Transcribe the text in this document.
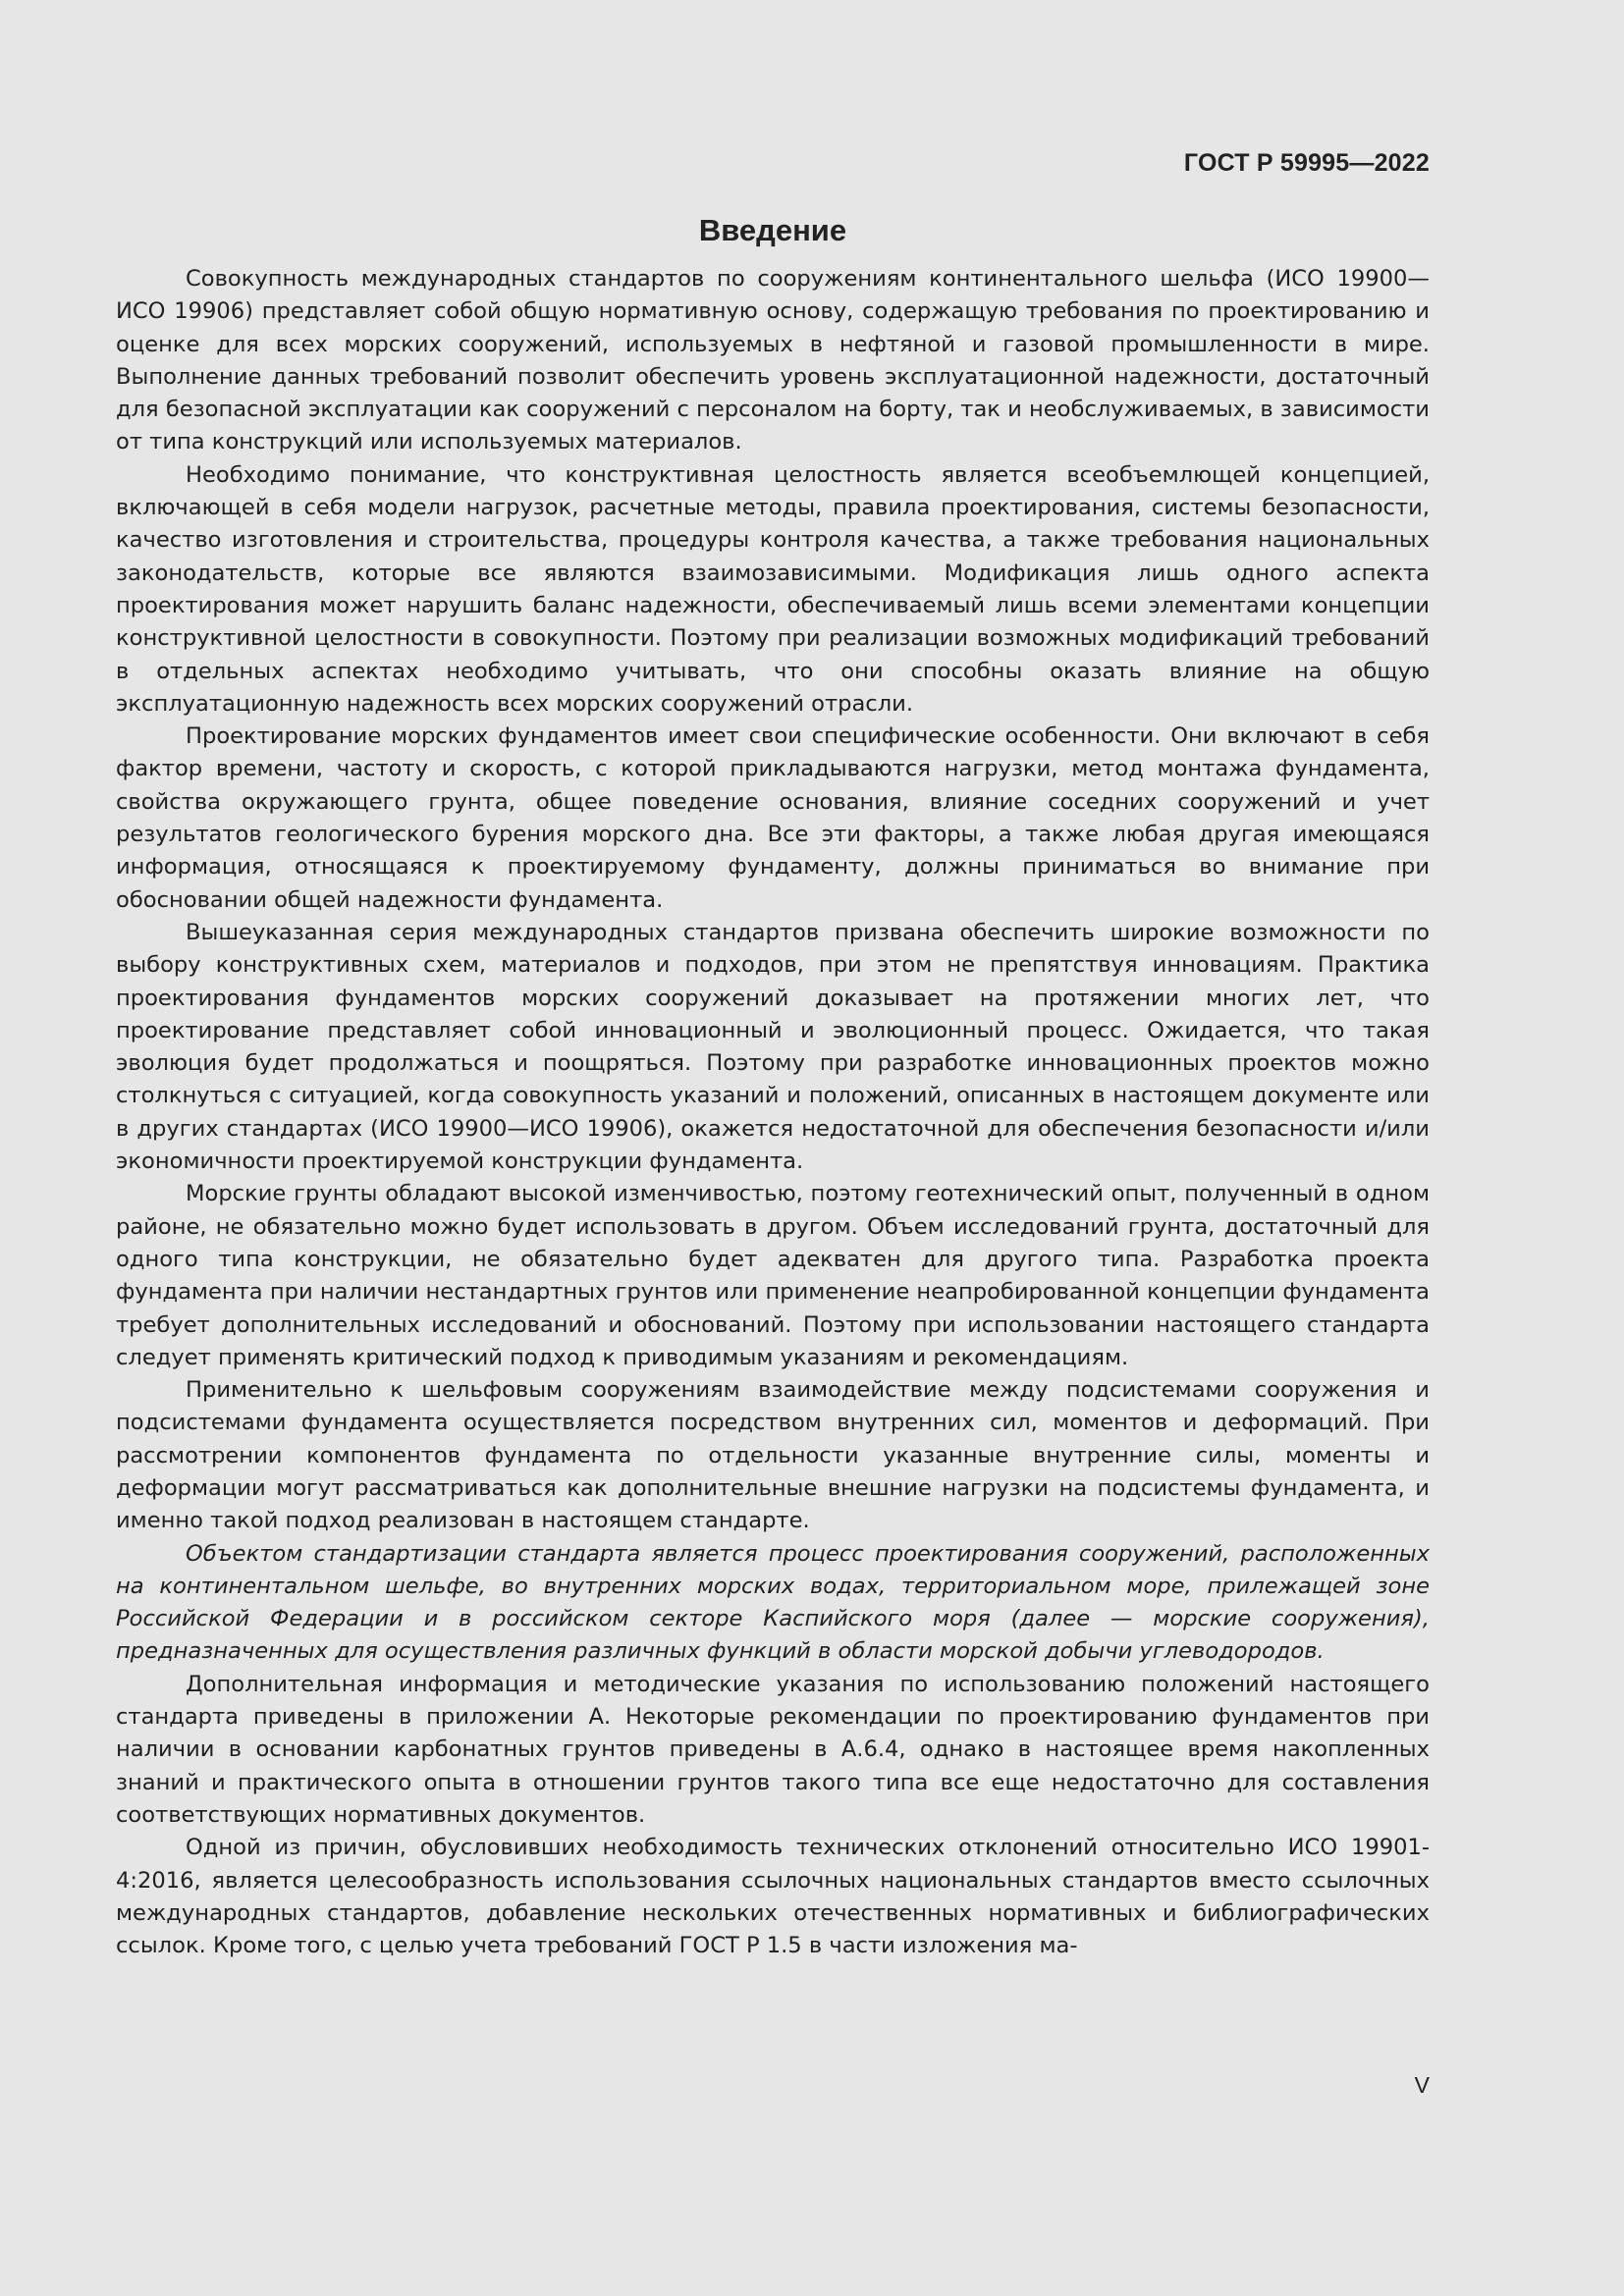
ГОСТ Р 59995—2022

Введение

Совокупность международных стандартов по сооружениям континентального шельфа (ИСО 19900—ИСО 19906) представляет собой общую нормативную основу, содержащую требования по проектированию и оценке для всех морских сооружений, используемых в нефтяной и газовой промышленности в мире. Выполнение данных требований позволит обеспечить уровень эксплуатационной надежности, достаточный для безопасной эксплуатации как сооружений с персоналом на борту, так и необслуживаемых, в зависимости от типа конструкций или используемых материалов.

Необходимо понимание, что конструктивная целостность является всеобъемлющей концепцией, включающей в себя модели нагрузок, расчетные методы, правила проектирования, системы безопасности, качество изготовления и строительства, процедуры контроля качества, а также требования национальных законодательств, которые все являются взаимозависимыми. Модификация лишь одного аспекта проектирования может нарушить баланс надежности, обеспечиваемый лишь всеми элементами концепции конструктивной целостности в совокупности. Поэтому при реализации возможных модификаций требований в отдельных аспектах необходимо учитывать, что они способны оказать влияние на общую эксплуатационную надежность всех морских сооружений отрасли.

Проектирование морских фундаментов имеет свои специфические особенности. Они включают в себя фактор времени, частоту и скорость, с которой прикладываются нагрузки, метод монтажа фундамента, свойства окружающего грунта, общее поведение основания, влияние соседних сооружений и учет результатов геологического бурения морского дна. Все эти факторы, а также любая другая имеющаяся информация, относящаяся к проектируемому фундаменту, должны приниматься во внимание при обосновании общей надежности фундамента.

Вышеуказанная серия международных стандартов призвана обеспечить широкие возможности по выбору конструктивных схем, материалов и подходов, при этом не препятствуя инновациям. Практика проектирования фундаментов морских сооружений доказывает на протяжении многих лет, что проектирование представляет собой инновационный и эволюционный процесс. Ожидается, что такая эволюция будет продолжаться и поощряться. Поэтому при разработке инновационных проектов можно столкнуться с ситуацией, когда совокупность указаний и положений, описанных в настоящем документе или в других стандартах (ИСО 19900—ИСО 19906), окажется недостаточной для обеспечения безопасности и/или экономичности проектируемой конструкции фундамента.

Морские грунты обладают высокой изменчивостью, поэтому геотехнический опыт, полученный в одном районе, не обязательно можно будет использовать в другом. Объем исследований грунта, достаточный для одного типа конструкции, не обязательно будет адекватен для другого типа. Разработка проекта фундамента при наличии нестандартных грунтов или применение неапробированной концепции фундамента требует дополнительных исследований и обоснований. Поэтому при использовании настоящего стандарта следует применять критический подход к приводимым указаниям и рекомендациям.

Применительно к шельфовым сооружениям взаимодействие между подсистемами сооружения и подсистемами фундамента осуществляется посредством внутренних сил, моментов и деформаций. При рассмотрении компонентов фундамента по отдельности указанные внутренние силы, моменты и деформации могут рассматриваться как дополнительные внешние нагрузки на подсистемы фундамента, и именно такой подход реализован в настоящем стандарте.

Объектом стандартизации стандарта является процесс проектирования сооружений, расположенных на континентальном шельфе, во внутренних морских водах, территориальном море, прилежащей зоне Российской Федерации и в российском секторе Каспийского моря (далее — морские сооружения), предназначенных для осуществления различных функций в области морской добычи углеводородов.

Дополнительная информация и методические указания по использованию положений настоящего стандарта приведены в приложении А. Некоторые рекомендации по проектированию фундаментов при наличии в основании карбонатных грунтов приведены в А.6.4, однако в настоящее время накопленных знаний и практического опыта в отношении грунтов такого типа все еще недостаточно для составления соответствующих нормативных документов.

Одной из причин, обусловивших необходимость технических отклонений относительно ИСО 19901-4:2016, является целесообразность использования ссылочных национальных стандартов вместо ссылочных международных стандартов, добавление нескольких отечественных нормативных и библиографических ссылок. Кроме того, с целью учета требований ГОСТ Р 1.5 в части изложения ма-

V
